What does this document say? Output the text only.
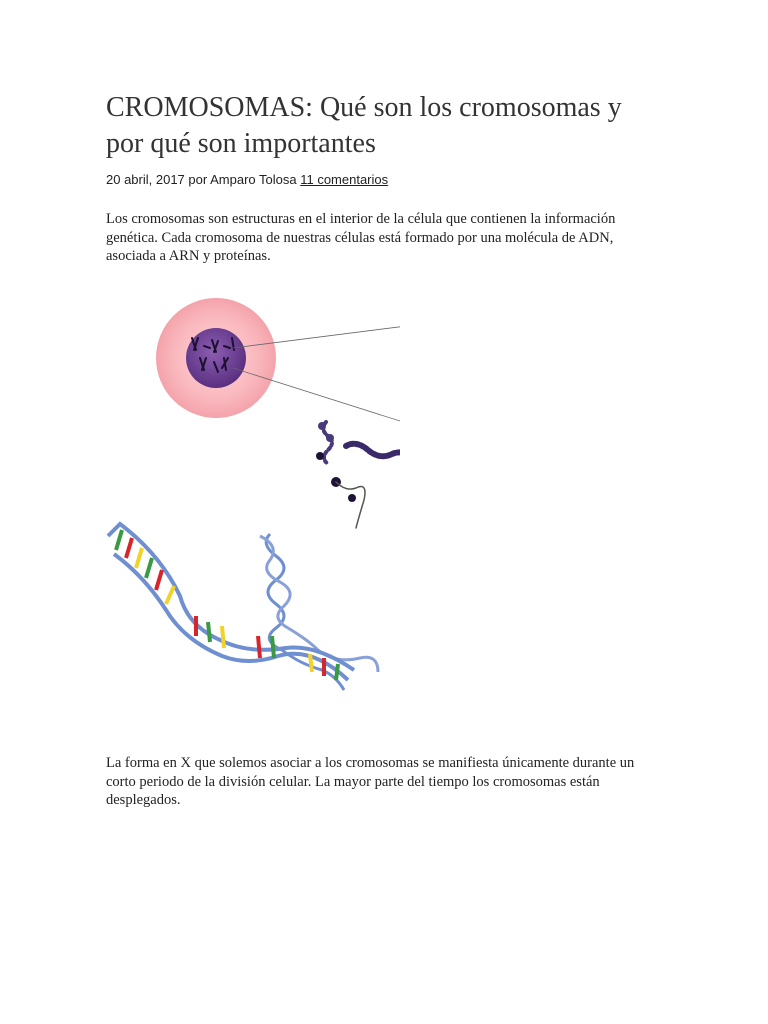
CROMOSOMAS: Qué son los cromosomas y por qué son importantes
20 abril, 2017 por Amparo Tolosa 11 comentarios

Los cromosomas son estructuras en el interior de la célula que contienen la información genética. Cada cromosoma de nuestras células está formado por una molécula de ADN, asociada a ARN y proteínas.

La forma en X que solemos asociar a los cromosomas se manifiesta únicamente durante un corto periodo de la división celular. La mayor parte del tiempo los cromosomas están desplegados.
